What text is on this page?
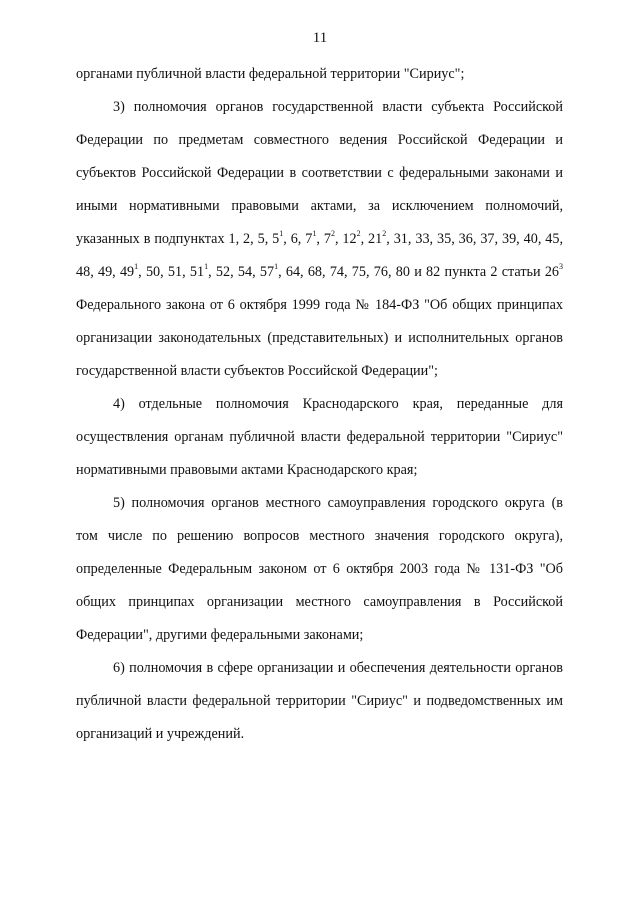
11

органами публичной власти федеральной территории "Сириус";

3) полномочия органов государственной власти субъекта Российской Федерации по предметам совместного ведения Российской Федерации и субъектов Российской Федерации в соответствии с федеральными законами и иными нормативными правовыми актами, за исключением полномочий, указанных в подпунктах 1, 2, 5, $5^1$, 6, $7^1$, $7^2$, $12^2$, $21^2$, 31, 33, 35, 36, 37, 39, 40, 45, 48, 49, $49^1$, 50, 51, $51^1$, 52, 54, $57^1$, 64, 68, 74, 75, 76, 80 и 82 пункта 2 статьи $26^3$ Федерального закона от 6 октября 1999 года № 184-ФЗ "Об общих принципах организации законодательных (представительных) и исполнительных органов государственной власти субъектов Российской Федерации";

4) отдельные полномочия Краснодарского края, переданные для осуществления органам публичной власти федеральной территории "Сириус" нормативными правовыми актами Краснодарского края;

5) полномочия органов местного самоуправления городского округа (в том числе по решению вопросов местного значения городского округа), определенные Федеральным законом от 6 октября 2003 года № 131-ФЗ "Об общих принципах организации местного самоуправления в Российской Федерации", другими федеральными законами;

6) полномочия в сфере организации и обеспечения деятельности органов публичной власти федеральной территории "Сириус" и подведомственных им организаций и учреждений.
